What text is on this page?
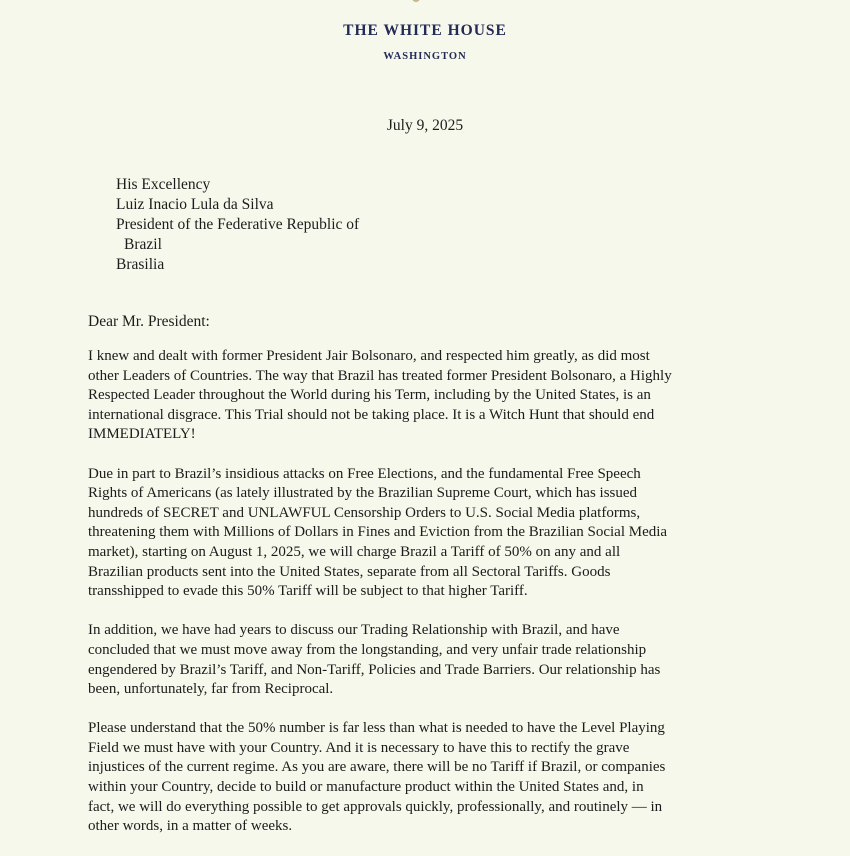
THE WHITE HOUSE
WASHINGTON
July 9, 2025
His Excellency
Luiz Inacio Lula da Silva
President of the Federative Republic of
Brazil
Brasilia
Dear Mr. President:

I knew and dealt with former President Jair Bolsonaro, and respected him greatly, as did most
other Leaders of Countries. The way that Brazil has treated former President Bolsonaro, a Highly
Respected Leader throughout the World during his Term, including by the United States, is an
international disgrace. This Trial should not be taking place. It is a Witch Hunt that should end
IMMEDIATELY!

Due in part to Brazil’s insidious attacks on Free Elections, and the fundamental Free Speech
Rights of Americans (as lately illustrated by the Brazilian Supreme Court, which has issued
hundreds of SECRET and UNLAWFUL Censorship Orders to U.S. Social Media platforms,
threatening them with Millions of Dollars in Fines and Eviction from the Brazilian Social Media
market), starting on August 1, 2025, we will charge Brazil a Tariff of 50% on any and all
Brazilian products sent into the United States, separate from all Sectoral Tariffs. Goods
transshipped to evade this 50% Tariff will be subject to that higher Tariff.

In addition, we have had years to discuss our Trading Relationship with Brazil, and have
concluded that we must move away from the longstanding, and very unfair trade relationship
engendered by Brazil’s Tariff, and Non-Tariff, Policies and Trade Barriers. Our relationship has
been, unfortunately, far from Reciprocal.

Please understand that the 50% number is far less than what is needed to have the Level Playing
Field we must have with your Country. And it is necessary to have this to rectify the grave
injustices of the current regime. As you are aware, there will be no Tariff if Brazil, or companies
within your Country, decide to build or manufacture product within the United States and, in
fact, we will do everything possible to get approvals quickly, professionally, and routinely — in
other words, in a matter of weeks.
